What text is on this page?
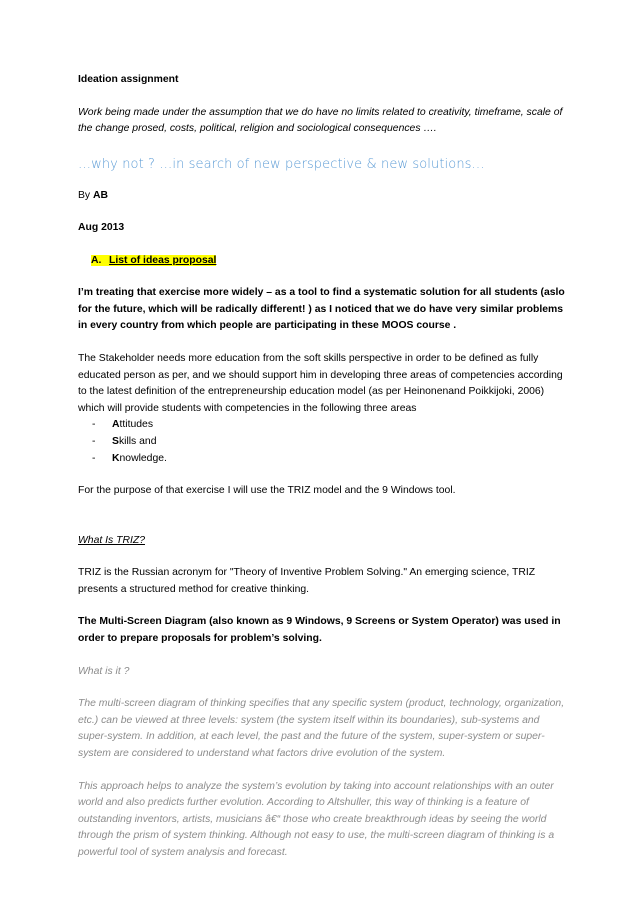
Ideation assignment

Work being made under the assumption that we do have no limits related to creativity, timeframe, scale of the change prosed, costs, political, religion and sociological consequences ….

…why not ? …in search of new perspective & new solutions…

By AB

Aug 2013

A. List of ideas proposal

I’m treating that exercise more widely – as a tool to find a systematic solution for all students (aslo for the future, which will be radically different! ) as I noticed that we do have very similar problems in every country from which people are participating in these MOOS course .

The Stakeholder needs more education from the soft skills perspective in order to be defined as fully educated person as per, and we should support him in developing three areas of competencies according to the latest definition of the entrepreneurship education model (as per Heinonenand Poikkijoki, 2006) which will provide students with competencies in the following three areas

-	Attitudes
-	Skills and
-	Knowledge.

For the purpose of that exercise I will use the TRIZ model and the 9 Windows tool.

What Is TRIZ?

TRIZ is the Russian acronym for "Theory of Inventive Problem Solving." An emerging science, TRIZ presents a structured method for creative thinking.

The Multi-Screen Diagram (also known as 9 Windows, 9 Screens or System Operator) was used in order to prepare proposals for problem’s solving.

What is it ?

The multi-screen diagram of thinking specifies that any specific system (product, technology, organization, etc.) can be viewed at three levels: system (the system itself within its boundaries), sub-systems and super-system. In addition, at each level, the past and the future of the system, super-system or super-system are considered to understand what factors drive evolution of the system.

This approach helps to analyze the system’s evolution by taking into account relationships with an outer world and also predicts further evolution. According to Altshuller, this way of thinking is a feature of outstanding inventors, artists, musicians â€“ those who create breakthrough ideas by seeing the world through the prism of system thinking. Although not easy to use, the multi-screen diagram of thinking is a powerful tool of system analysis and forecast.
